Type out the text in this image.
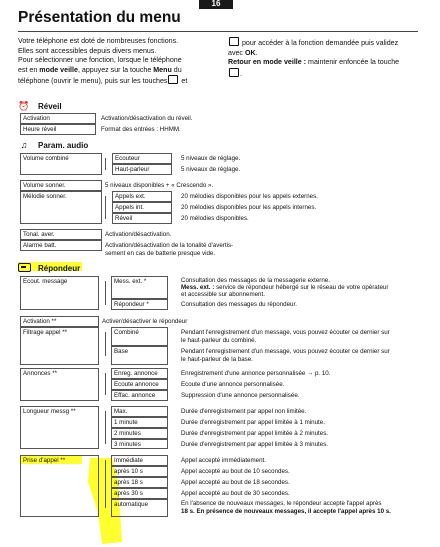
16
Présentation du menu
Votre téléphone est doté de nombreuses fonctions.
Elles sont accessibles depuis divers menus.
Pour sélectionner une fonction, lorsque le téléphone
est en mode veille, appuyez sur la touche Menu du
téléphone (ouvrir le menu), puis sur les touches et
pour accéder à la fonction demandée puis validez
avec OK.
Retour en mode veille : maintenir enfoncée la touche
.
⏰ Réveil
Activation	Activation/désactivation du réveil.
Heure réveil	Format des entrées : HHMM.
♫	Param. audio
Volume combiné	Ecouteur	5 niveaux de réglage.
Haut-parleur	5 niveaux de réglage.
Volume sonner.	5 niveaux disponibles + « Crescendo ».
Mélodie sonner.	Appels ext.	20 mélodies disponibles pour les appels externes.
Appels int.	20 mélodies disponibles pour les appels internes.
Réveil	20 mélodies disponibles.
Tonal. aver.	Activation/désactivation.
Alarme batt.	Activation/désactivation de la tonalité d'avertis-
sement en cas de batterie presque vide.
Répondeur
Ecout. message	Mess. ext. *	Consultation des messages de la messagerie externe.
Mess. ext. : service de répondeur hébergé sur le réseau de votre opérateur
et accessible sur abonnement.
Répondeur *	Consultation des messages du répondeur.
Activation **	Activer/désactiver le répondeur
Filtrage appel **	Combiné	Pendant l'enregistrement d'un message, vous pouvez écouter ce dernier sur
le haut-parleur du combiné.
Base	Pendant l'enregistrement d'un message, vous pouvez écouter ce dernier sur
le haut-parleur de la base.
Annonces **	Enreg. annonce	Enregistrement d'une annonce personnalisée → p. 10.
Ecoute annonce	Ecoute d'une annonce personnalisée.
Effac. annonce	Suppression d'une annonce personnalisée.
Longueur messg **	Max.	Durée d'enregistrement par appel non limitée.
1 minute	Durée d'enregistrement par appel limitée à 1 minute.
2 minutes	Durée d'enregistrement par appel limitée à 2 minutes.
3 minutes	Durée d'enregistrement par appel limitée à 3 minutes.
Prise d'appel **	Immédiate	Appel accepté immédiatement.
après 10 s	Appel accepté au bout de 10 secondes.
après 18 s	Appel accepté au bout de 18 secondes.
après 30 s	Appel accepté au bout de 30 secondes.
automatique	En l'absence de nouveaux messages, le répondeur accepte l'appel après
18 s. En présence de nouveaux messages, il accepte l'appel après 10 s.
